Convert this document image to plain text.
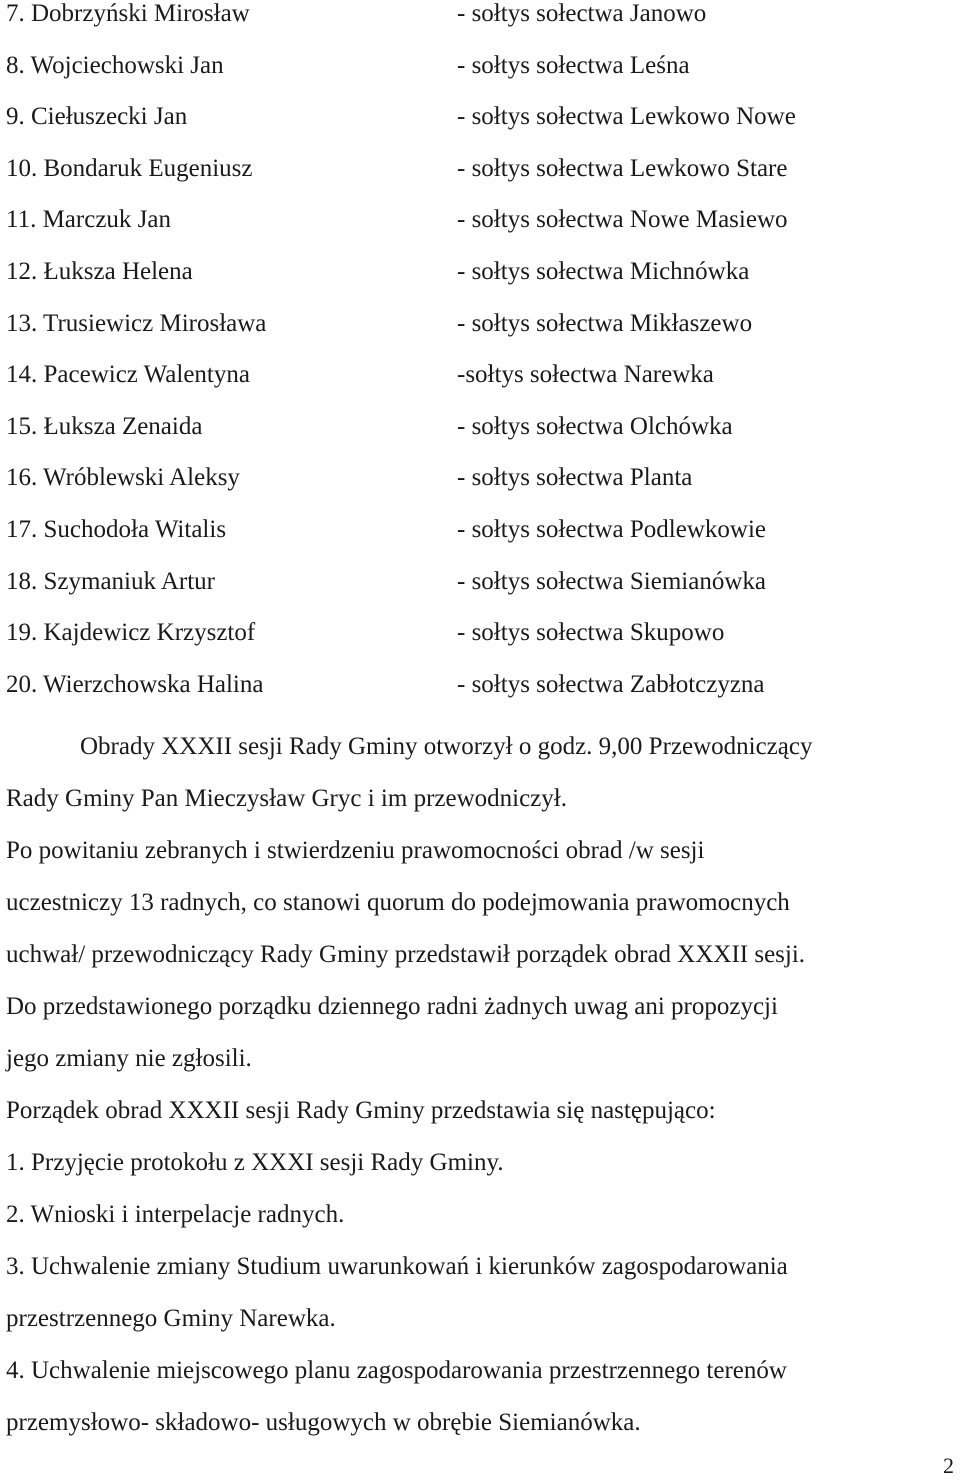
7. Dobrzyński Mirosław	- sołtys sołectwa Janowo
8. Wojciechowski Jan	- sołtys sołectwa Leśna
9. Ciełuszecki Jan	- sołtys sołectwa Lewkowo Nowe
10. Bondaruk Eugeniusz	- sołtys sołectwa Lewkowo Stare
11. Marczuk Jan	- sołtys sołectwa Nowe Masiewo
12. Łuksza Helena	- sołtys sołectwa Michnówka
13. Trusiewicz Mirosława	- sołtys sołectwa Mikłaszewo
14. Pacewicz Walentyna	-sołtys sołectwa Narewka
15. Łuksza Zenaida	- sołtys sołectwa Olchówka
16. Wróblewski Aleksy	- sołtys sołectwa Planta
17. Suchodoła Witalis	- sołtys sołectwa Podlewkowie
18. Szymaniuk Artur	- sołtys sołectwa Siemianówka
19. Kajdewicz Krzysztof	- sołtys sołectwa Skupowo
20. Wierzchowska Halina	- sołtys sołectwa Zabłotczyzna
Obrady XXXII sesji Rady Gminy otworzył o godz. 9,00 Przewodniczący
Rady Gminy Pan Mieczysław Gryc i im przewodniczył.
Po powitaniu zebranych i stwierdzeniu prawomocności obrad /w sesji
uczestniczy 13 radnych, co stanowi quorum do podejmowania prawomocnych
uchwał/ przewodniczący Rady Gminy przedstawił porządek obrad XXXII sesji.
Do przedstawionego porządku dziennego radni żadnych uwag ani propozycji
jego zmiany nie zgłosili.
Porządek obrad XXXII sesji Rady Gminy przedstawia się następująco:
1. Przyjęcie protokołu z XXXI sesji Rady Gminy.
2. Wnioski i interpelacje radnych.
3. Uchwalenie zmiany Studium uwarunkowań i kierunków zagospodarowania
przestrzennego Gminy Narewka.
4. Uchwalenie miejscowego planu zagospodarowania przestrzennego terenów
przemysłowo- składowo- usługowych w obrębie Siemianówka.
2
